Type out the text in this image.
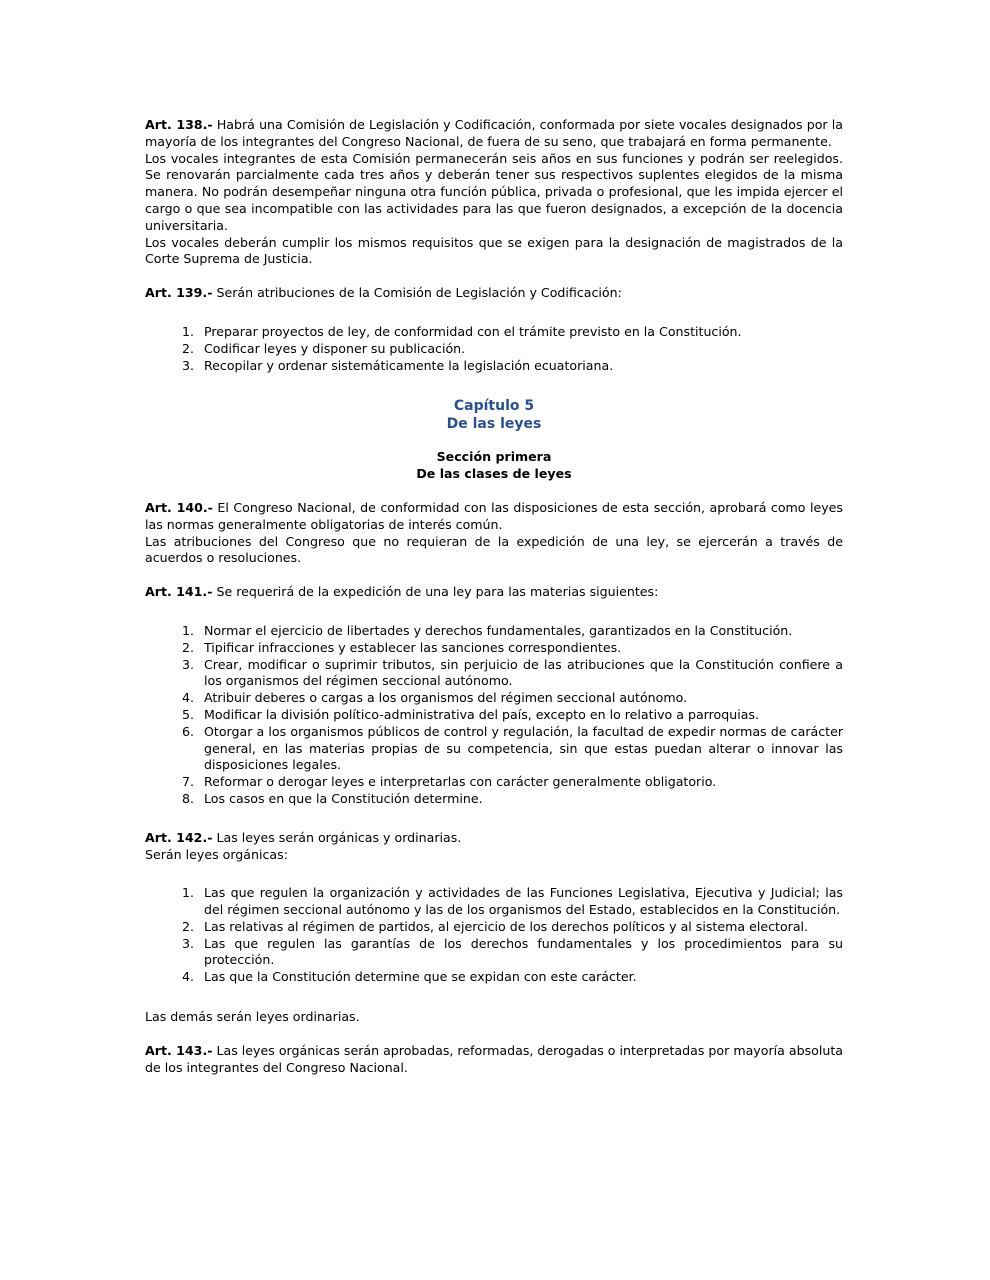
Art. 138.- Habrá una Comisión de Legislación y Codificación, conformada por siete vocales designados por la mayoría de los integrantes del Congreso Nacional, de fuera de su seno, que trabajará en forma permanente.

Los vocales integrantes de esta Comisión permanecerán seis años en sus funciones y podrán ser reelegidos. Se renovarán parcialmente cada tres años y deberán tener sus respectivos suplentes elegidos de la misma manera. No podrán desempeñar ninguna otra función pública, privada o profesional, que les impida ejercer el cargo o que sea incompatible con las actividades para las que fueron designados, a excepción de la docencia universitaria.

Los vocales deberán cumplir los mismos requisitos que se exigen para la designación de magistrados de la Corte Suprema de Justicia.

Art. 139.- Serán atribuciones de la Comisión de Legislación y Codificación:

1. Preparar proyectos de ley, de conformidad con el trámite previsto en la Constitución.
2. Codificar leyes y disponer su publicación.
3. Recopilar y ordenar sistemáticamente la legislación ecuatoriana.
Capítulo 5
De las leyes
Sección primera
De las clases de leyes

Art. 140.- El Congreso Nacional, de conformidad con las disposiciones de esta sección, aprobará como leyes las normas generalmente obligatorias de interés común.

Las atribuciones del Congreso que no requieran de la expedición de una ley, se ejercerán a través de acuerdos o resoluciones.

Art. 141.- Se requerirá de la expedición de una ley para las materias siguientes:

1. Normar el ejercicio de libertades y derechos fundamentales, garantizados en la Constitución.
2. Tipificar infracciones y establecer las sanciones correspondientes.
3. Crear, modificar o suprimir tributos, sin perjuicio de las atribuciones que la Constitución confiere a los organismos del régimen seccional autónomo.
4. Atribuir deberes o cargas a los organismos del régimen seccional autónomo.
5. Modificar la división político-administrativa del país, excepto en lo relativo a parroquias.
6. Otorgar a los organismos públicos de control y regulación, la facultad de expedir normas de carácter general, en las materias propias de su competencia, sin que estas puedan alterar o innovar las disposiciones legales.
7. Reformar o derogar leyes e interpretarlas con carácter generalmente obligatorio.
8. Los casos en que la Constitución determine.

Art. 142.- Las leyes serán orgánicas y ordinarias.

Serán leyes orgánicas:

1. Las que regulen la organización y actividades de las Funciones Legislativa, Ejecutiva y Judicial; las del régimen seccional autónomo y las de los organismos del Estado, establecidos en la Constitución.
2. Las relativas al régimen de partidos, al ejercicio de los derechos políticos y al sistema electoral.
3. Las que regulen las garantías de los derechos fundamentales y los procedimientos para su protección.
4. Las que la Constitución determine que se expidan con este carácter.

Las demás serán leyes ordinarias.

Art. 143.- Las leyes orgánicas serán aprobadas, reformadas, derogadas o interpretadas por mayoría absoluta de los integrantes del Congreso Nacional.
